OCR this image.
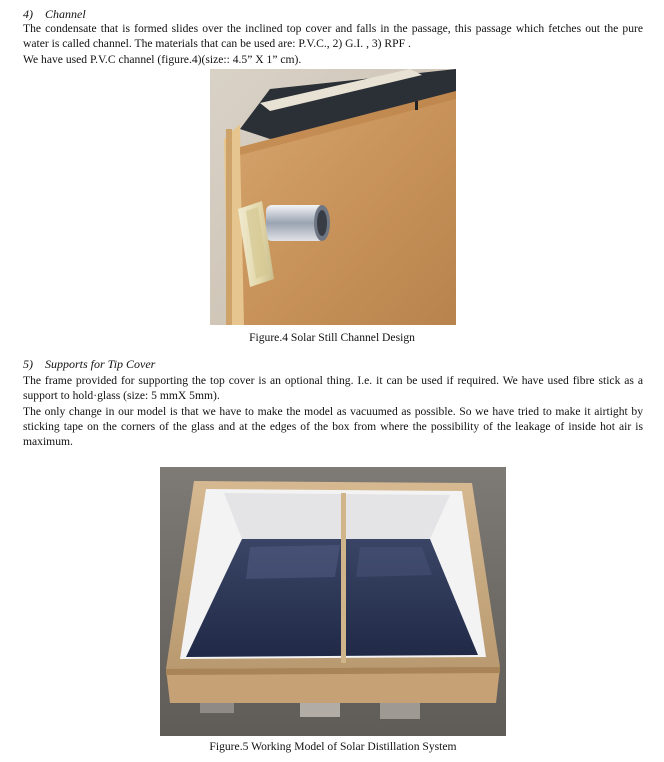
4) Channel
The condensate that is formed slides over the inclined top cover and falls in the passage, this passage which fetches out the pure water is called channel. The materials that can be used are: P.V.C., 2) G.I. , 3) RPF .
We have used P.V.C channel (figure.4)(size:: 4.5” X 1” cm).
Figure.4 Solar Still Channel Design
5) Supports for Tip Cover
The frame provided for supporting the top cover is an optional thing. I.e. it can be used if required. We have used fibre stick as a support to hold·glass (size: 5 mmX 5mm).
The only change in our model is that we have to make the model as vacuumed as possible. So we have tried to make it airtight by sticking tape on the corners of the glass and at the edges of the box from where the possibility of the leakage of inside hot air is maximum.
Figure.5 Working Model of Solar Distillation System
